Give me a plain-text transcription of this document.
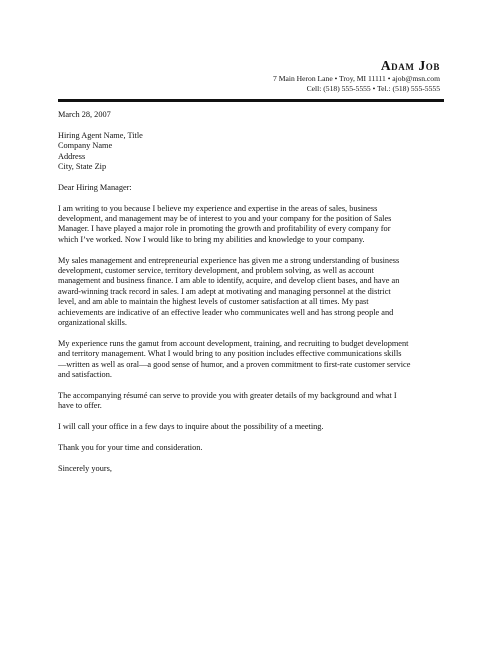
Adam Job
7 Main Heron Lane • Troy, MI 11111 • ajob@msn.com
Cell: (518) 555-5555 • Tel.: (518) 555-5555

March 28, 2007

Hiring Agent Name, Title
Company Name
Address
City, State Zip

Dear Hiring Manager:

I am writing to you because I believe my experience and expertise in the areas of sales, business
development, and management may be of interest to you and your company for the position of Sales
Manager. I have played a major role in promoting the growth and profitability of every company for
which I’ve worked. Now I would like to bring my abilities and knowledge to your company.

My sales management and entrepreneurial experience has given me a strong understanding of business
development, customer service, territory development, and problem solving, as well as account
management and business finance. I am able to identify, acquire, and develop client bases, and have an
award-winning track record in sales. I am adept at motivating and managing personnel at the district
level, and am able to maintain the highest levels of customer satisfaction at all times. My past
achievements are indicative of an effective leader who communicates well and has strong people and
organizational skills.

My experience runs the gamut from account development, training, and recruiting to budget development
and territory management. What I would bring to any position includes effective communications skills
—written as well as oral—a good sense of humor, and a proven commitment to first-rate customer service
and satisfaction.

The accompanying résumé can serve to provide you with greater details of my background and what I
have to offer.

I will call your office in a few days to inquire about the possibility of a meeting.

Thank you for your time and consideration.

Sincerely yours,
